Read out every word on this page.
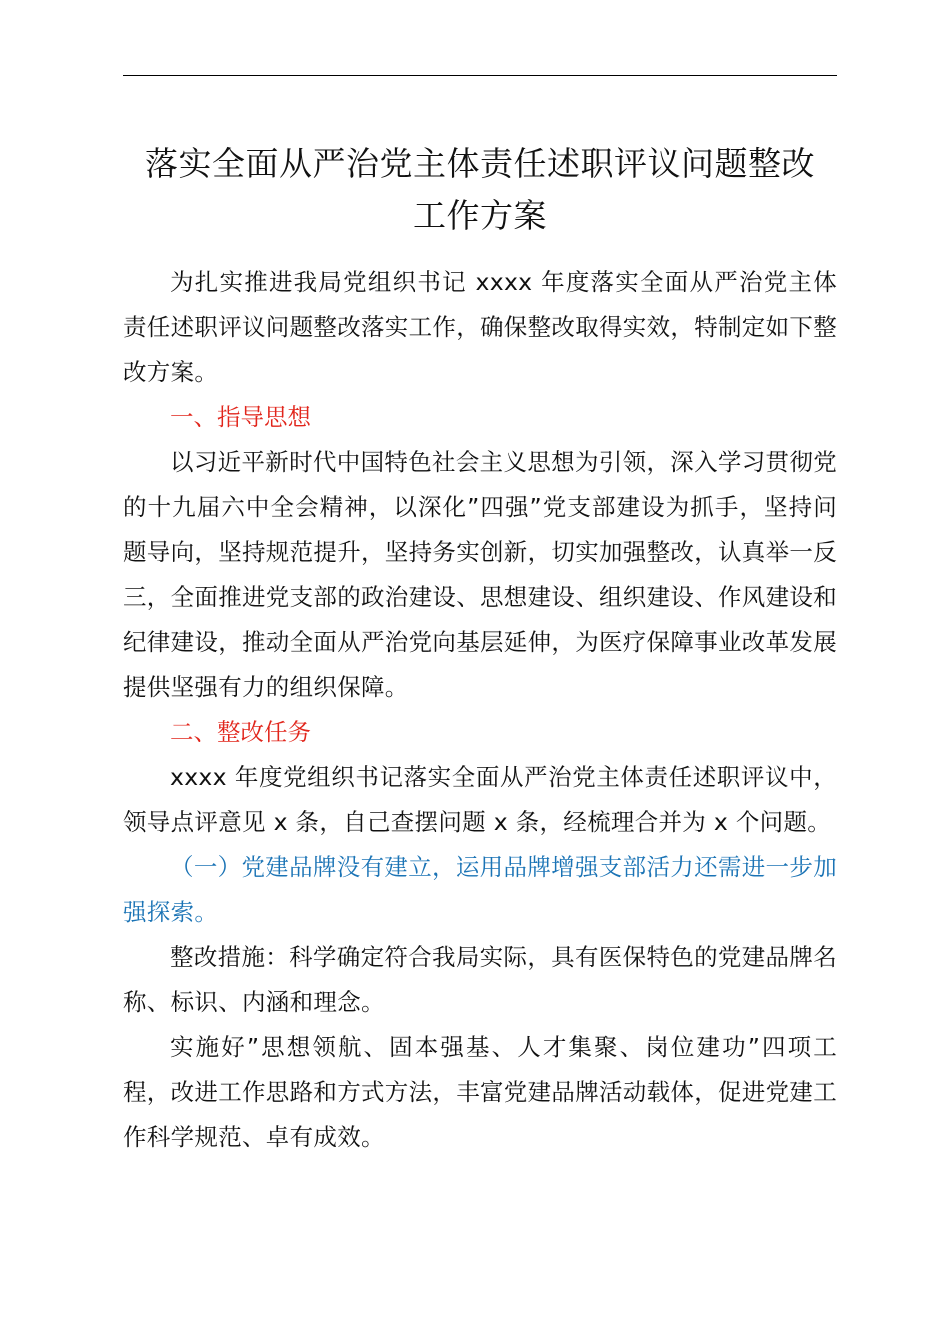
落实全面从严治党主体责任述职评议问题整改
工作方案

为扎实推进我局党组织书记 xxxx 年度落实全面从严治党主体责任述职评议问题整改落实工作，确保整改取得实效，特制定如下整改方案。

一、指导思想

以习近平新时代中国特色社会主义思想为引领，深入学习贯彻党的十九届六中全会精神，以深化”四强”党支部建设为抓手，坚持问题导向，坚持规范提升，坚持务实创新，切实加强整改，认真举一反三，全面推进党支部的政治建设、思想建设、组织建设、作风建设和纪律建设，推动全面从严治党向基层延伸，为医疗保障事业改革发展提供坚强有力的组织保障。

二、整改任务

xxxx 年度党组织书记落实全面从严治党主体责任述职评议中，领导点评意见 x 条，自己查摆问题 x 条，经梳理合并为 x 个问题。

（一）党建品牌没有建立，运用品牌增强支部活力还需进一步加强探索。

整改措施：科学确定符合我局实际，具有医保特色的党建品牌名称、标识、内涵和理念。

实施好”思想领航、固本强基、人才集聚、岗位建功”四项工程，改进工作思路和方式方法，丰富党建品牌活动载体，促进党建工作科学规范、卓有成效。
